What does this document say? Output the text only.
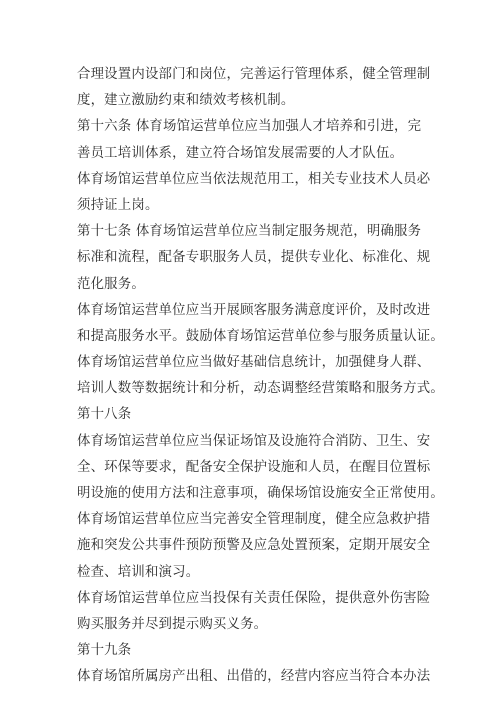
合理设置内设部门和岗位，完善运行管理体系，健全管理制
度，建立激励约束和绩效考核机制。
第十六条 体育场馆运营单位应当加强人才培养和引进，完
善员工培训体系，建立符合场馆发展需要的人才队伍。
体育场馆运营单位应当依法规范用工，相关专业技术人员必
须持证上岗。
第十七条 体育场馆运营单位应当制定服务规范，明确服务
标准和流程，配备专职服务人员，提供专业化、标准化、规
范化服务。
体育场馆运营单位应当开展顾客服务满意度评价，及时改进
和提高服务水平。鼓励体育场馆运营单位参与服务质量认证。
体育场馆运营单位应当做好基础信息统计，加强健身人群、
培训人数等数据统计和分析，动态调整经营策略和服务方式。
第十八条
体育场馆运营单位应当保证场馆及设施符合消防、卫生、安
全、环保等要求，配备安全保护设施和人员，在醒目位置标
明设施的使用方法和注意事项，确保场馆设施安全正常使用。
体育场馆运营单位应当完善安全管理制度，健全应急救护措
施和突发公共事件预防预警及应急处置预案，定期开展安全
检查、培训和演习。
体育场馆运营单位应当投保有关责任保险，提供意外伤害险
购买服务并尽到提示购买义务。
第十九条
体育场馆所属房产出租、出借的，经营内容应当符合本办法
